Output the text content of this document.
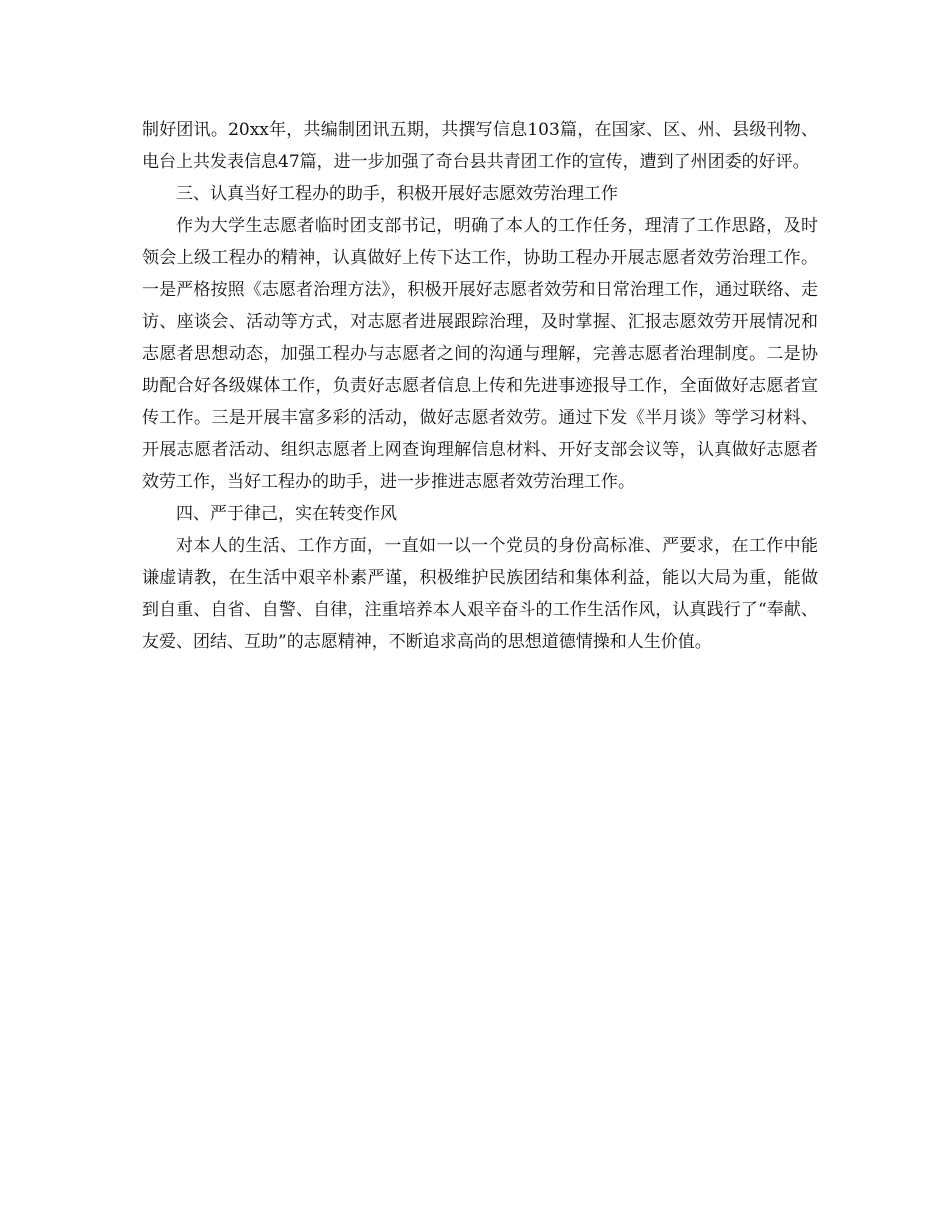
制好团讯。20xx年，共编制团讯五期，共撰写信息103篇，在国家、区、州、县级刊物、电台上共发表信息47篇，进一步加强了奇台县共青团工作的宣传，遭到了州团委的好评。

三、认真当好工程办的助手，积极开展好志愿效劳治理工作

作为大学生志愿者临时团支部书记，明确了本人的工作任务，理清了工作思路，及时领会上级工程办的精神，认真做好上传下达工作，协助工程办开展志愿者效劳治理工作。一是严格按照《志愿者治理方法》，积极开展好志愿者效劳和日常治理工作，通过联络、走访、座谈会、活动等方式，对志愿者进展跟踪治理，及时掌握、汇报志愿效劳开展情况和志愿者思想动态，加强工程办与志愿者之间的沟通与理解，完善志愿者治理制度。二是协助配合好各级媒体工作，负责好志愿者信息上传和先进事迹报导工作，全面做好志愿者宣传工作。三是开展丰富多彩的活动，做好志愿者效劳。通过下发《半月谈》等学习材料、开展志愿者活动、组织志愿者上网查询理解信息材料、开好支部会议等，认真做好志愿者效劳工作，当好工程办的助手，进一步推进志愿者效劳治理工作。

四、严于律己，实在转变作风

对本人的生活、工作方面，一直如一以一个党员的身份高标准、严要求，在工作中能谦虚请教，在生活中艰辛朴素严谨，积极维护民族团结和集体利益，能以大局为重，能做到自重、自省、自警、自律，注重培养本人艰辛奋斗的工作生活作风，认真践行了“奉献、友爱、团结、互助”的志愿精神，不断追求高尚的思想道德情操和人生价值。
